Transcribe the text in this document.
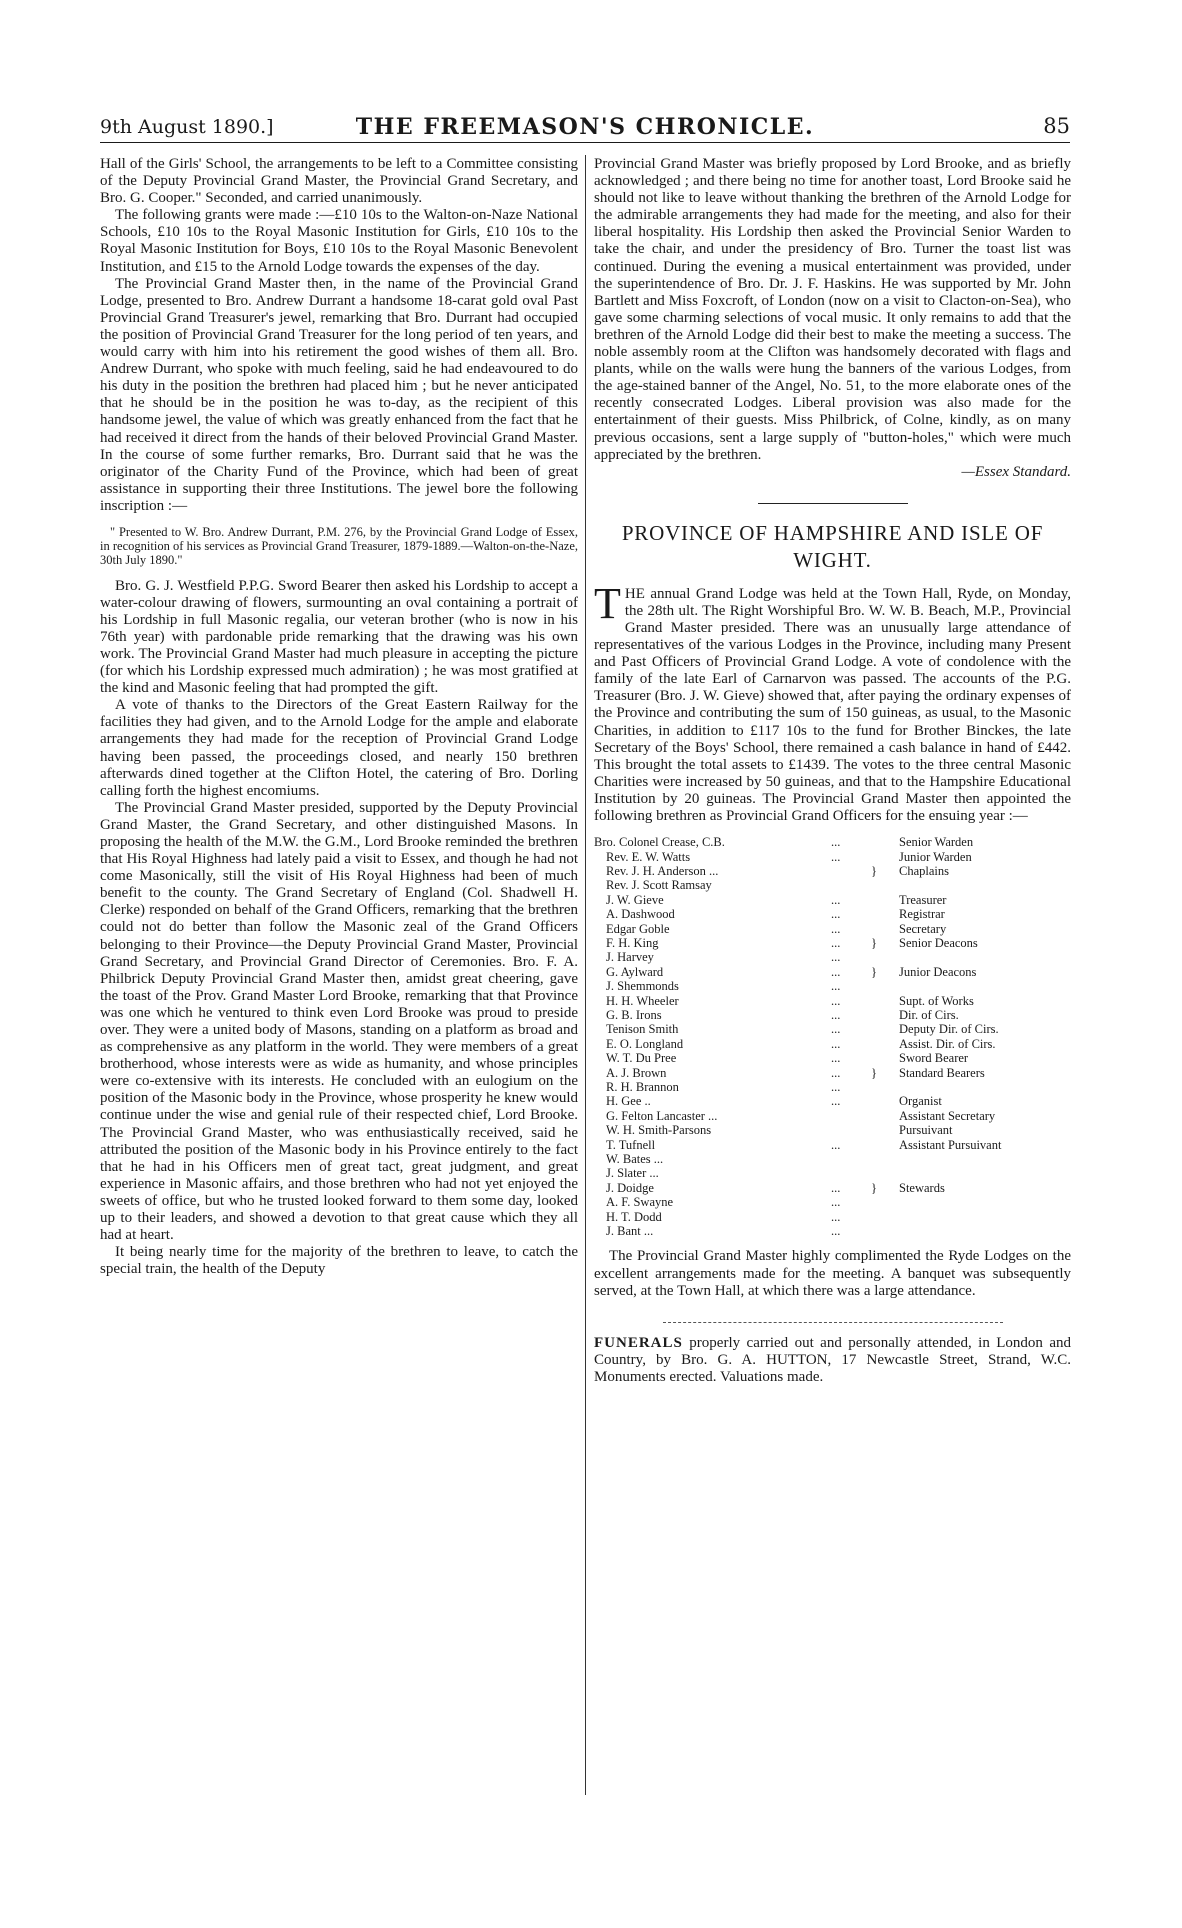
9th August 1890.]	THE FREEMASON'S CHRONICLE.	85

Hall of the Girls' School, the arrangements to be left to a Committee consisting of the Deputy Provincial Grand Master, the Provincial Grand Secretary, and Bro. G. Cooper." Seconded, and carried unanimously.

The following grants were made :—£10 10s to the Walton-on-Naze National Schools, £10 10s to the Royal Masonic Institution for Girls, £10 10s to the Royal Masonic Institution for Boys, £10 10s to the Royal Masonic Benevolent Institution, and £15 to the Arnold Lodge towards the expenses of the day.

The Provincial Grand Master then, in the name of the Provincial Grand Lodge, presented to Bro. Andrew Durrant a handsome 18-carat gold oval Past Provincial Grand Treasurer's jewel, remarking that Bro. Durrant had occupied the position of Provincial Grand Treasurer for the long period of ten years, and would carry with him into his retirement the good wishes of them all. Bro. Andrew Durrant, who spoke with much feeling, said he had endeavoured to do his duty in the position the brethren had placed him ; but he never anticipated that he should be in the position he was to-day, as the recipient of this handsome jewel, the value of which was greatly enhanced from the fact that he had received it direct from the hands of their beloved Provincial Grand Master. In the course of some further remarks, Bro. Durrant said that he was the originator of the Charity Fund of the Province, which had been of great assistance in supporting their three Institutions. The jewel bore the following inscription :—

" Presented to W. Bro. Andrew Durrant, P.M. 276, by the Provincial Grand Lodge of Essex, in recognition of his services as Provincial Grand Treasurer, 1879-1889.—Walton-on-the-Naze, 30th July 1890."

Bro. G. J. Westfield P.P.G. Sword Bearer then asked his Lordship to accept a water-colour drawing of flowers, surmounting an oval containing a portrait of his Lordship in full Masonic regalia, our veteran brother (who is now in his 76th year) with pardonable pride remarking that the drawing was his own work. The Provincial Grand Master had much pleasure in accepting the picture (for which his Lordship expressed much admiration) ; he was most gratified at the kind and Masonic feeling that had prompted the gift.

A vote of thanks to the Directors of the Great Eastern Railway for the facilities they had given, and to the Arnold Lodge for the ample and elaborate arrangements they had made for the reception of Provincial Grand Lodge having been passed, the proceedings closed, and nearly 150 brethren afterwards dined together at the Clifton Hotel, the catering of Bro. Dorling calling forth the highest encomiums.

The Provincial Grand Master presided, supported by the Deputy Provincial Grand Master, the Grand Secretary, and other distinguished Masons. In proposing the health of the M.W. the G.M., Lord Brooke reminded the brethren that His Royal Highness had lately paid a visit to Essex, and though he had not come Masonically, still the visit of His Royal Highness had been of much benefit to the county. The Grand Secretary of England (Col. Shadwell H. Clerke) responded on behalf of the Grand Officers, remarking that the brethren could not do better than follow the Masonic zeal of the Grand Officers belonging to their Province—the Deputy Provincial Grand Master, Provincial Grand Secretary, and Provincial Grand Director of Ceremonies. Bro. F. A. Philbrick Deputy Provincial Grand Master then, amidst great cheering, gave the toast of the Prov. Grand Master Lord Brooke, remarking that that Province was one which he ventured to think even Lord Brooke was proud to preside over. They were a united body of Masons, standing on a platform as broad and as comprehensive as any platform in the world. They were members of a great brotherhood, whose interests were as wide as humanity, and whose principles were co-extensive with its interests. He concluded with an eulogium on the position of the Masonic body in the Province, whose prosperity he knew would continue under the wise and genial rule of their respected chief, Lord Brooke. The Provincial Grand Master, who was enthusiastically received, said he attributed the position of the Masonic body in his Province entirely to the fact that he had in his Officers men of great tact, great judgment, and great experience in Masonic affairs, and those brethren who had not yet enjoyed the sweets of office, but who he trusted looked forward to them some day, looked up to their leaders, and showed a devotion to that great cause which they all had at heart.

It being nearly time for the majority of the brethren to leave, to catch the special train, the health of the Deputy

Provincial Grand Master was briefly proposed by Lord Brooke, and as briefly acknowledged ; and there being no time for another toast, Lord Brooke said he should not like to leave without thanking the brethren of the Arnold Lodge for the admirable arrangements they had made for the meeting, and also for their liberal hospitality. His Lordship then asked the Provincial Senior Warden to take the chair, and under the presidency of Bro. Turner the toast list was continued. During the evening a musical entertainment was provided, under the superintendence of Bro. Dr. J. F. Haskins. He was supported by Mr. John Bartlett and Miss Foxcroft, of London (now on a visit to Clacton-on-Sea), who gave some charming selections of vocal music. It only remains to add that the brethren of the Arnold Lodge did their best to make the meeting a success. The noble assembly room at the Clifton was handsomely decorated with flags and plants, while on the walls were hung the banners of the various Lodges, from the age-stained banner of the Angel, No. 51, to the more elaborate ones of the recently consecrated Lodges. Liberal provision was also made for the entertainment of their guests. Miss Philbrick, of Colne, kindly, as on many previous occasions, sent a large supply of "button-holes," which were much appreciated by the brethren.

—Essex Standard.

PROVINCE OF HAMPSHIRE AND ISLE OF WIGHT.

THE annual Grand Lodge was held at the Town Hall, Ryde, on Monday, the 28th ult. The Right Worshipful Bro. W. W. B. Beach, M.P., Provincial Grand Master presided. There was an unusually large attendance of representatives of the various Lodges in the Province, including many Present and Past Officers of Provincial Grand Lodge. A vote of condolence with the family of the late Earl of Carnarvon was passed. The accounts of the P.G. Treasurer (Bro. J. W. Gieve) showed that, after paying the ordinary expenses of the Province and contributing the sum of 150 guineas, as usual, to the Masonic Charities, in addition to £117 10s to the fund for Brother Binckes, the late Secretary of the Boys' School, there remained a cash balance in hand of £442. This brought the total assets to £1439. The votes to the three central Masonic Charities were increased by 50 guineas, and that to the Hampshire Educational Institution by 20 guineas. The Provincial Grand Master then appointed the following brethren as Provincial Grand Officers for the ensuing year :—

Bro. Colonel Crease, C.B.	...		Senior Warden
Rev. E. W. Watts	...		Junior Warden
Rev. J. H. Anderson ...		}	Chaplains
Rev. J. Scott Ramsay			
J. W. Gieve	...		Treasurer
A. Dashwood	...		Registrar
Edgar Goble	...		Secretary
F. H. King	...	}	Senior Deacons
J. Harvey	...		
G. Aylward	...	}	Junior Deacons
J. Shemmonds	...		
H. H. Wheeler	...		Supt. of Works
G. B. Irons	...		Dir. of Cirs.
Tenison Smith	...		Deputy Dir. of Cirs.
E. O. Longland	...		Assist. Dir. of Cirs.
W. T. Du Pree	...		Sword Bearer
A. J. Brown	...	}	Standard Bearers
R. H. Brannon	...		
H. Gee ..	...		Organist
G. Felton Lancaster ...			Assistant Secretary
W. H. Smith-Parsons			Pursuivant
T. Tufnell	...		Assistant Pursuivant
W. Bates ...			
J. Slater ...			
J. Doidge	...	}	Stewards
A. F. Swayne	...		
H. T. Dodd	...		
J. Bant ...	...		

The Provincial Grand Master highly complimented the Ryde Lodges on the excellent arrangements made for the meeting. A banquet was subsequently served, at the Town Hall, at which there was a large attendance.

FUNERALS properly carried out and personally attended, in London and Country, by Bro. G. A. HUTTON, 17 Newcastle Street, Strand, W.C. Monuments erected. Valuations made.
